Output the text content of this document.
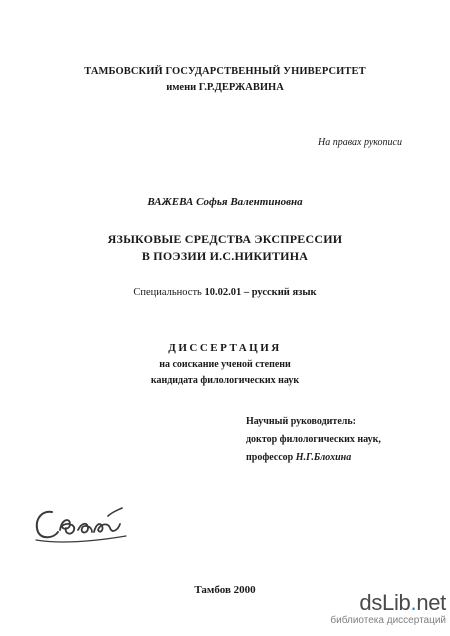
ТАМБОВСКИЙ ГОСУДАРСТВЕННЫЙ УНИВЕРСИТЕТ
имени Г.Р.ДЕРЖАВИНА
На правах рукописи
ВАЖЕВА Софья Валентиновна
ЯЗЫКОВЫЕ СРЕДСТВА ЭКСПРЕССИИ
В ПОЭЗИИ И.С.НИКИТИНА
Специальность 10.02.01 – русский язык
ДИССЕРТАЦИЯ
на соискание ученой степени
кандидата филологических наук
Научный руководитель:
доктор филологических наук,
профессор Н.Г.Блохина
Тамбов 2000	dsLib.net
библиотека диссертаций
